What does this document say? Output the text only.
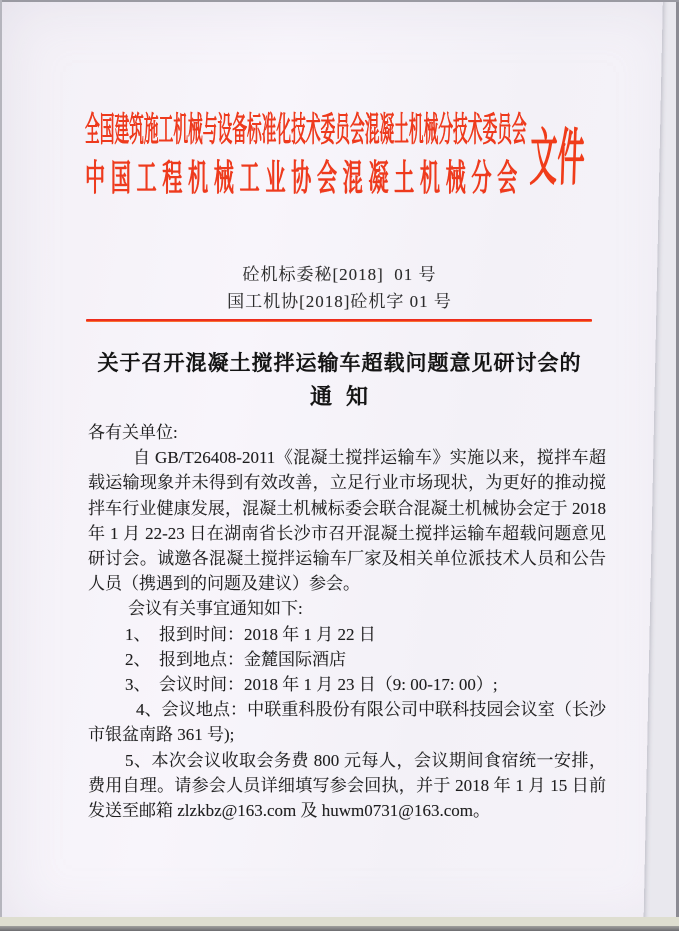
全国建筑施工机械与设备标准化技术委员会混凝土机械分技术委员会
中国工程机械工业协会混凝土机械分会 文件
砼机标委秘[2018]  01 号
国工机协[2018]砼机字 01 号
关于召开混凝土搅拌运输车超载问题意见研讨会的
通  知
各有关单位:
自 GB/T26408-2011《混凝土搅拌运输车》实施以来，搅拌车超载运输现象并未得到有效改善，立足行业市场现状，为更好的推动搅拌车行业健康发展，混凝土机械标委会联合混凝土机械协会定于 2018 年 1 月 22-23 日在湖南省长沙市召开混凝土搅拌运输车超载问题意见研讨会。诚邀各混凝土搅拌运输车厂家及相关单位派技术人员和公告人员（携遇到的问题及建议）参会。
会议有关事宜通知如下:
1、　报到时间：2018 年 1 月 22 日
2、　报到地点：金麓国际酒店
3、　会议时间：2018 年 1 月 23 日（9: 00-17: 00）;
4、会议地点：中联重科股份有限公司中联科技园会议室（长沙市银盆南路 361 号);
5、本次会议收取会务费 800 元每人，会议期间食宿统一安排，费用自理。请参会人员详细填写参会回执，并于 2018 年 1 月 15 日前发送至邮箱 zlzkbz@163.com 及 huwm0731@163.com。
